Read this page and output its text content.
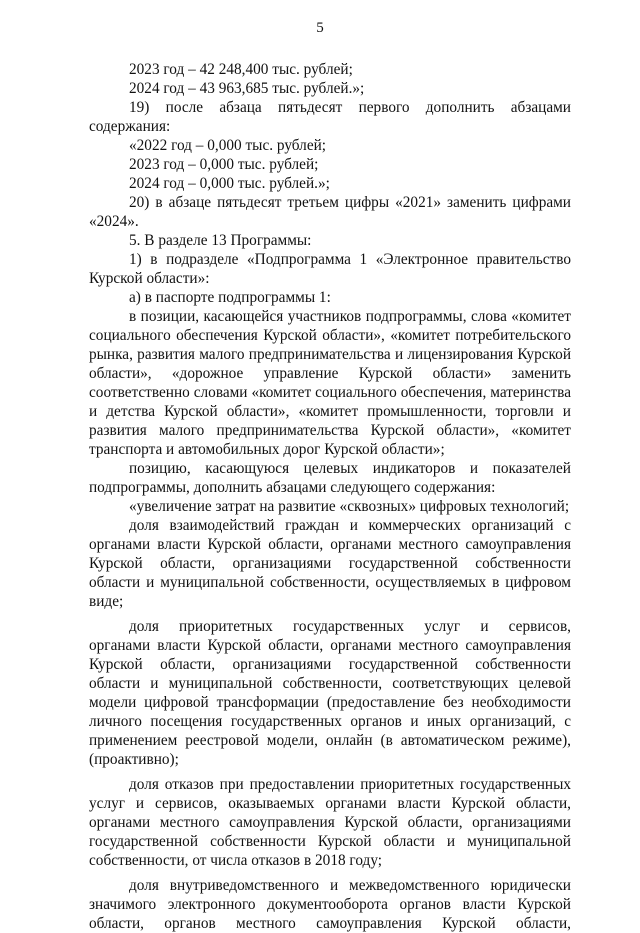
5
2023 год – 42 248,400 тыс. рублей;
2024 год – 43 963,685 тыс. рублей.»;
19) после абзаца пятьдесят первого дополнить абзацами
содержания:
«2022 год – 0,000 тыс. рублей;
2023 год – 0,000 тыс. рублей;
2024 год – 0,000 тыс. рублей.»;
20) в абзаце пятьдесят третьем цифры «2021» заменить цифрами
«2024».
5. В разделе 13 Программы:
1) в подразделе «Подпрограмма 1 «Электронное правительство
Курской области»:
а) в паспорте подпрограммы 1:
в позиции, касающейся участников подпрограммы, слова «комитет
социального обеспечения Курской области», «комитет потребительского
рынка, развития малого предпринимательства и лицензирования Курской
области», «дорожное управление Курской области» заменить
соответственно словами «комитет социального обеспечения, материнства
и детства Курской области», «комитет промышленности, торговли и
развития малого предпринимательства Курской области», «комитет
транспорта и автомобильных дорог Курской области»;
позицию, касающуюся целевых индикаторов и показателей
подпрограммы, дополнить абзацами следующего содержания:
«увеличение затрат на развитие «сквозных» цифровых технологий;
доля взаимодействий граждан и коммерческих организаций с
органами власти Курской области, органами местного самоуправления
Курской области, организациями государственной собственности
области и муниципальной собственности, осуществляемых в цифровом
виде;
доля приоритетных государственных услуг и сервисов,
органами власти Курской области, органами местного самоуправления
Курской области, организациями государственной собственности
области и муниципальной собственности, соответствующих целевой
модели цифровой трансформации (предоставление без необходимости
личного посещения государственных органов и иных организаций, с
применением реестровой модели, онлайн (в автоматическом режиме),
(проактивно);
доля отказов при предоставлении приоритетных государственных
услуг и сервисов, оказываемых органами власти Курской области,
органами местного самоуправления Курской области, организациями
государственной собственности Курской области и муниципальной
собственности, от числа отказов в 2018 году;
доля внутриведомственного и межведомственного юридически
значимого электронного документооборота органов власти Курской
области, органов местного самоуправления Курской области,
